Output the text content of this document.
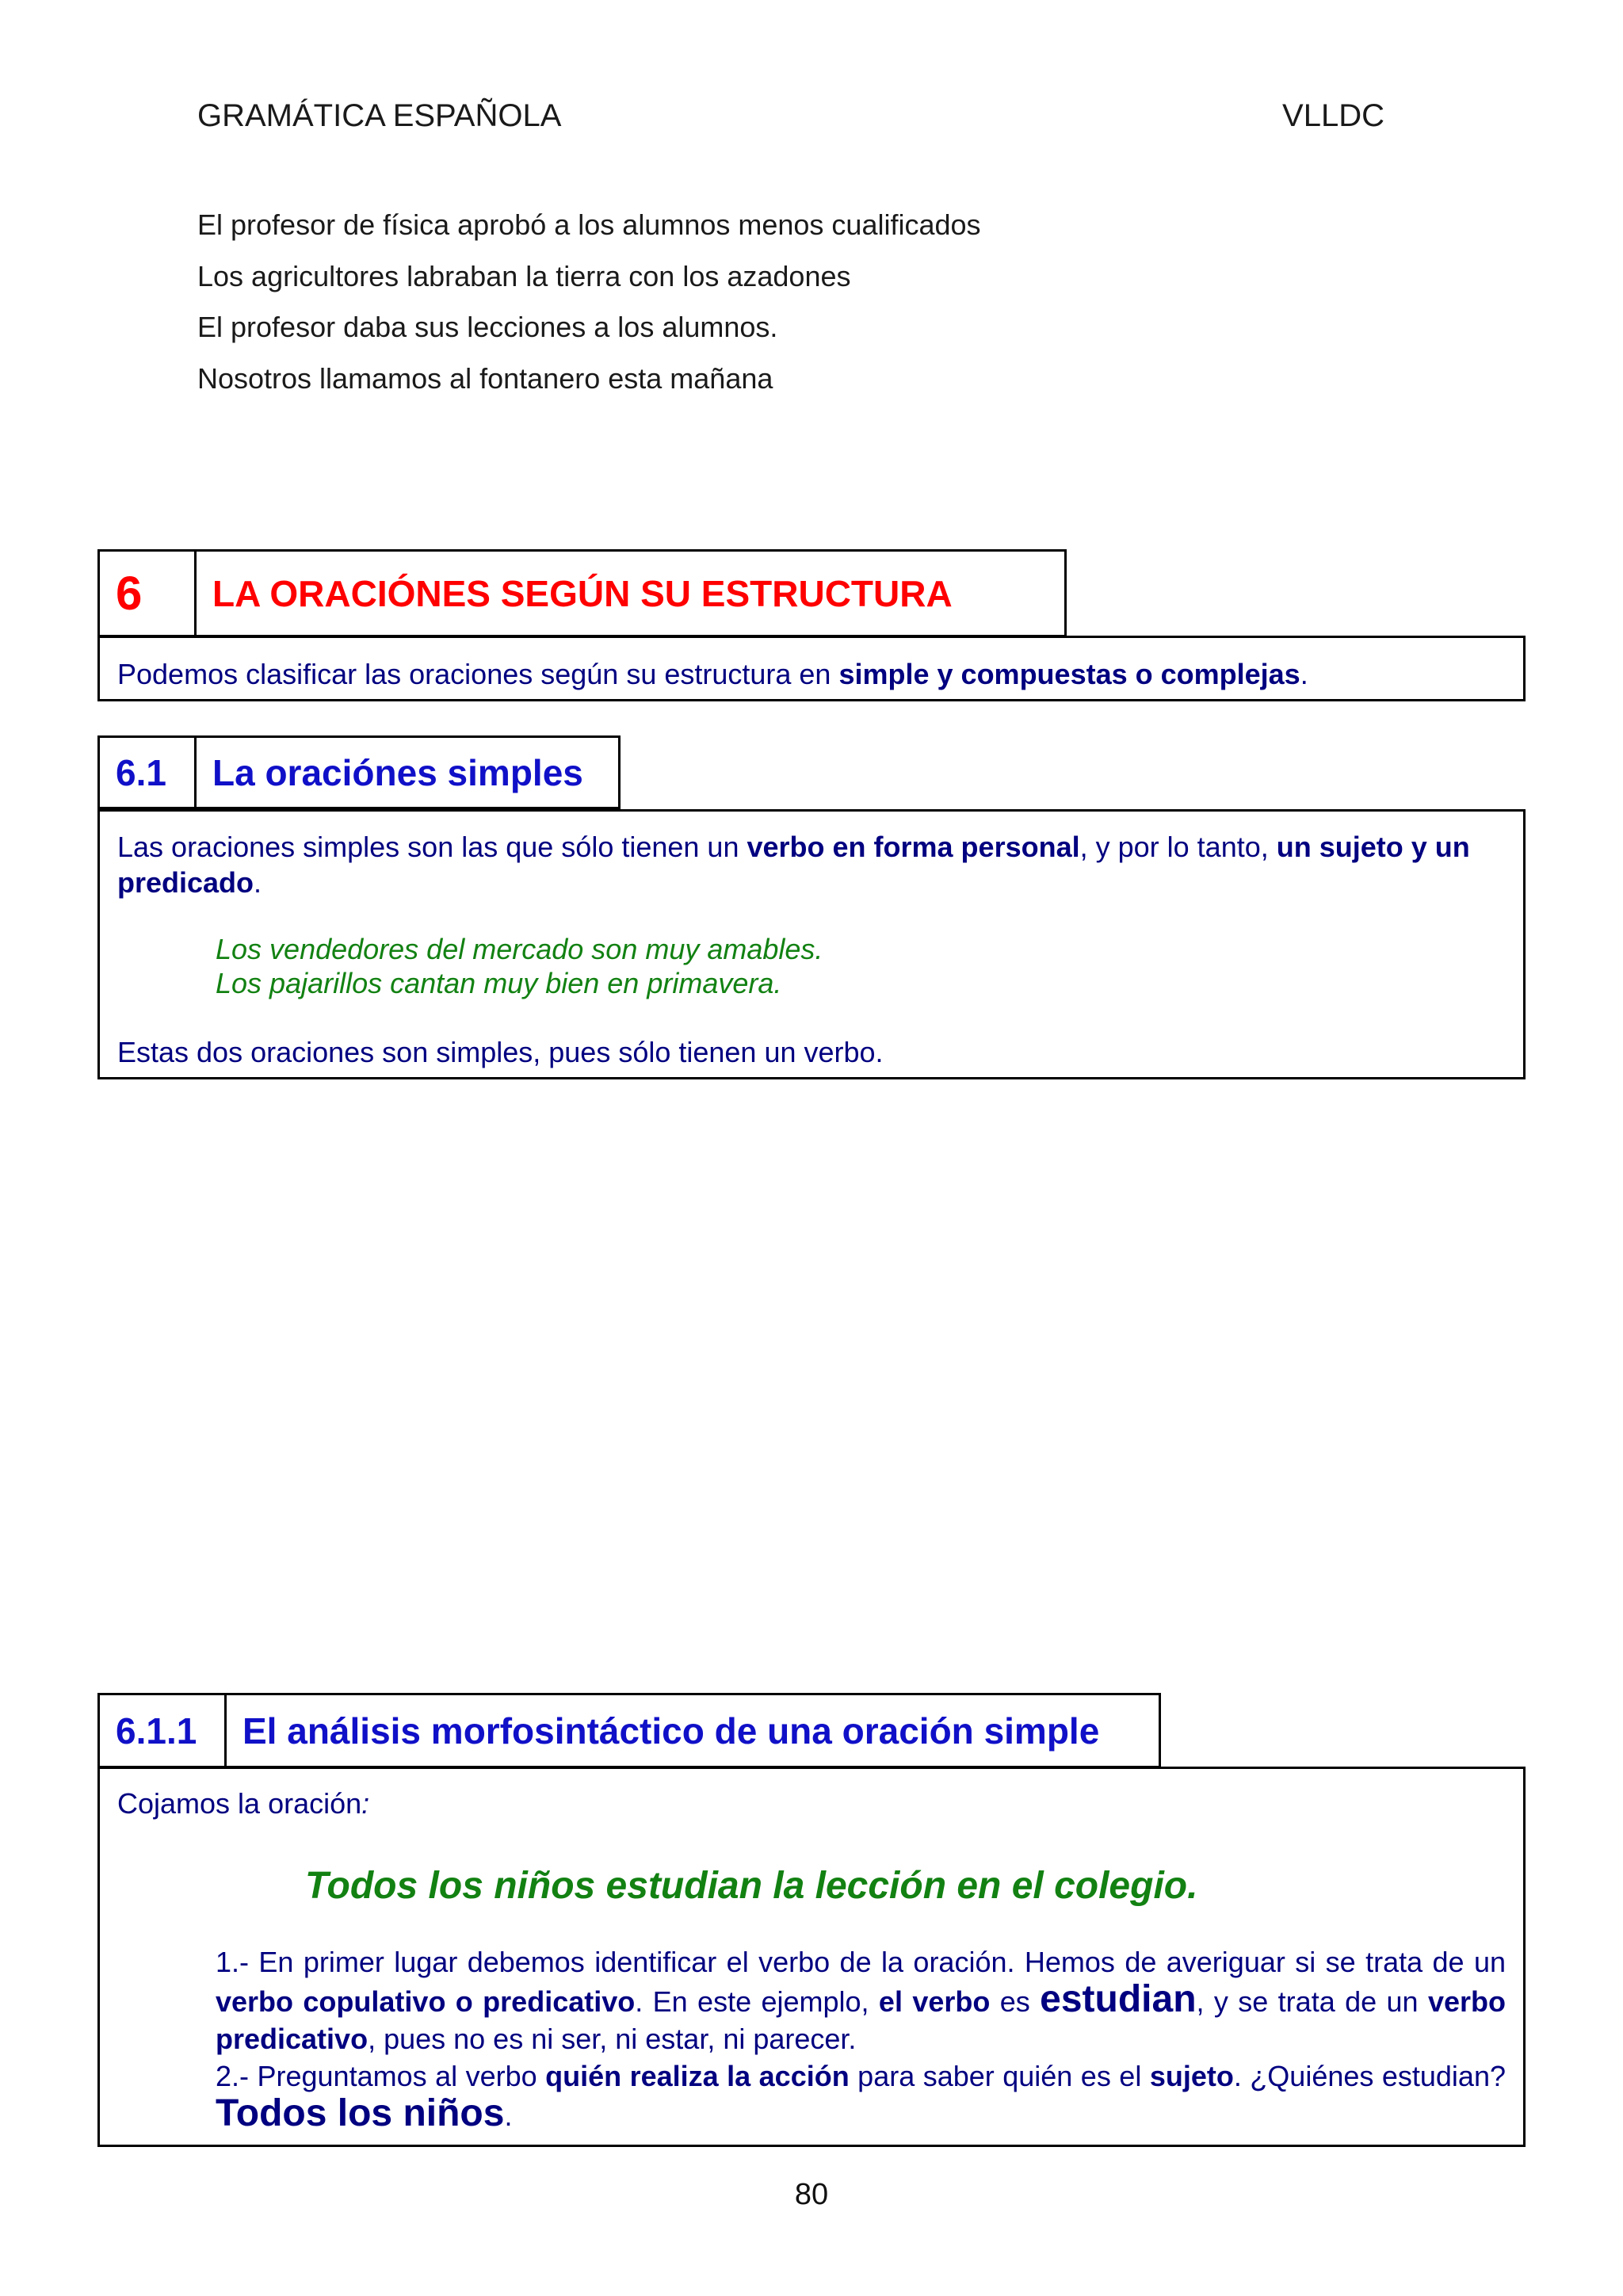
GRAMÁTICA ESPAÑOLA	VLLDC
El profesor de física aprobó a los alumnos menos cualificados
Los agricultores labraban la tierra con los azadones
El profesor daba sus lecciones a los alumnos.
Nosotros llamamos al fontanero esta mañana
6	LA ORACIÓNES SEGÚN SU ESTRUCTURA
Podemos clasificar las oraciones según su estructura en simple y compuestas o complejas.
6.1	La oraciónes simples

Las oraciones simples son las que sólo tienen un verbo en forma personal, y por lo tanto, un sujeto y un predicado.

Los vendedores del mercado son muy amables.
Los pajarillos cantan muy bien en primavera.

Estas dos oraciones son simples, pues sólo tienen un verbo.

6.1.1	El análisis morfosintáctico de una oración simple

Cojamos la oración:

Todos los niños estudian la lección en el colegio.

1.- En primer lugar debemos identificar el verbo de la oración. Hemos de averiguar si se trata de un verbo copulativo o predicativo. En este ejemplo, el verbo es estudian, y se trata de un verbo predicativo, pues no es ni ser, ni estar, ni parecer.

2.- Preguntamos al verbo quién realiza la acción para saber quién es el sujeto. ¿Quiénes estudian? Todos los niños.

80
